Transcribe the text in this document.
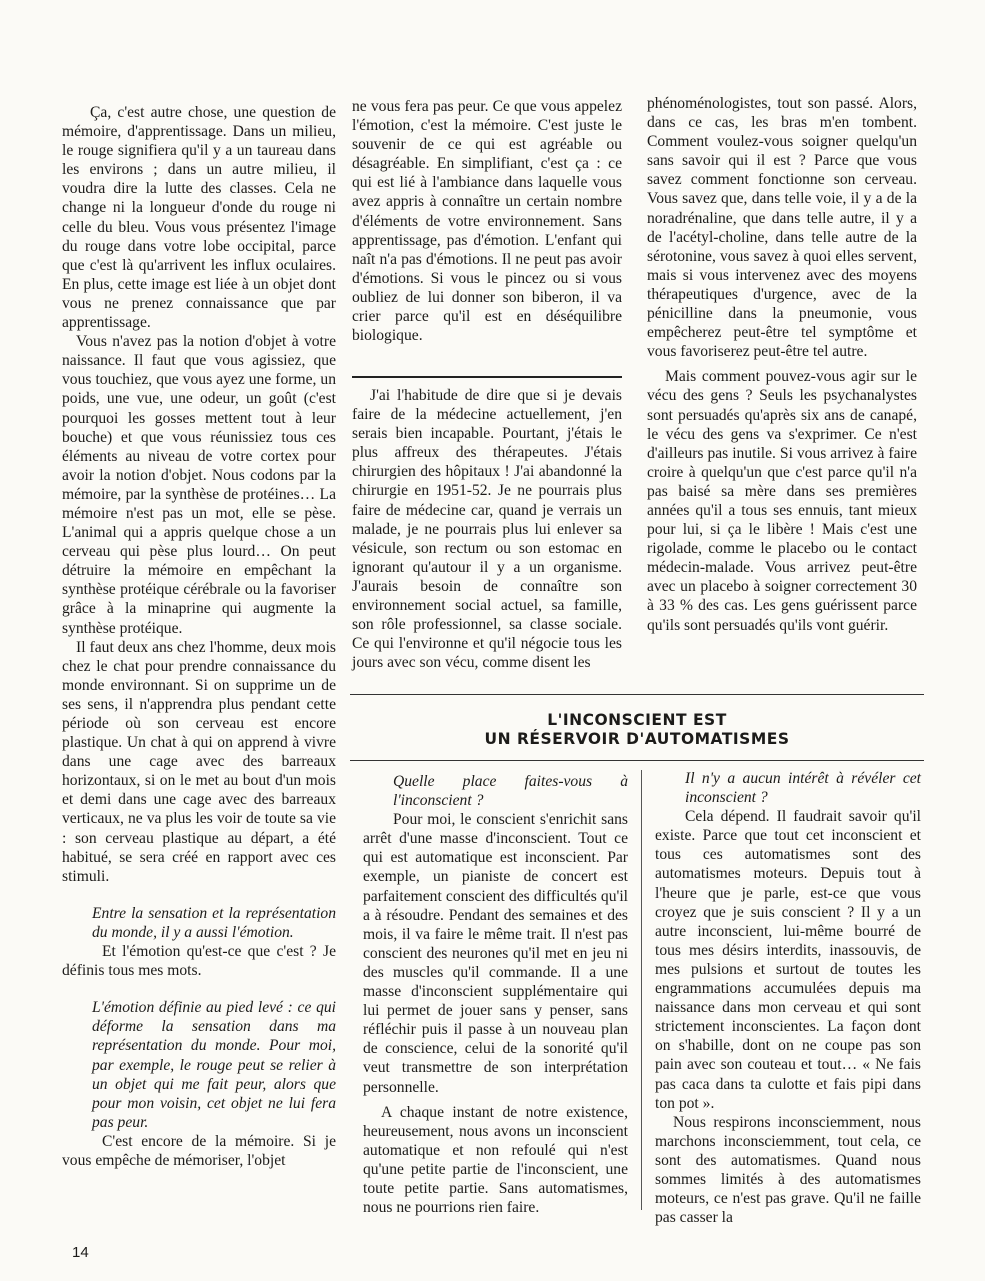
Ça, c'est autre chose, une question de mémoire, d'apprentissage. Dans un milieu, le rouge signifiera qu'il y a un taureau dans les environs ; dans un autre milieu, il voudra dire la lutte des classes. Cela ne change ni la longueur d'onde du rouge ni celle du bleu. Vous vous présentez l'image du rouge dans votre lobe occipital, parce que c'est là qu'arrivent les influx oculaires. En plus, cette image est liée à un objet dont vous ne prenez connaissance que par apprentissage.

Vous n'avez pas la notion d'objet à votre naissance. Il faut que vous agissiez, que vous touchiez, que vous ayez une forme, un poids, une vue, une odeur, un goût (c'est pourquoi les gosses mettent tout à leur bouche) et que vous réunissiez tous ces éléments au niveau de votre cortex pour avoir la notion d'objet. Nous codons par la mémoire, par la synthèse de protéines… La mémoire n'est pas un mot, elle se pèse. L'animal qui a appris quelque chose a un cerveau qui pèse plus lourd… On peut détruire la mémoire en empêchant la synthèse protéique cérébrale ou la favoriser grâce à la minaprine qui augmente la synthèse protéique.

Il faut deux ans chez l'homme, deux mois chez le chat pour prendre connaissance du monde environnant. Si on supprime un de ses sens, il n'apprendra plus pendant cette période où son cerveau est encore plastique. Un chat à qui on apprend à vivre dans une cage avec des barreaux horizontaux, si on le met au bout d'un mois et demi dans une cage avec des barreaux verticaux, ne va plus les voir de toute sa vie : son cerveau plastique au départ, a été habitué, se sera créé en rapport avec ces stimuli.

Entre la sensation et la représentation du monde, il y a aussi l'émotion.

Et l'émotion qu'est-ce que c'est ? Je définis tous mes mots.

L'émotion définie au pied levé : ce qui déforme la sensation dans ma représentation du monde. Pour moi, par exemple, le rouge peut se relier à un objet qui me fait peur, alors que pour mon voisin, cet objet ne lui fera pas peur.

C'est encore de la mémoire. Si je vous empêche de mémoriser, l'objet

ne vous fera pas peur. Ce que vous appelez l'émotion, c'est la mémoire. C'est juste le souvenir de ce qui est agréable ou désagréable. En simplifiant, c'est ça : ce qui est lié à l'ambiance dans laquelle vous avez appris à connaître un certain nombre d'éléments de votre environnement. Sans apprentissage, pas d'émotion. L'enfant qui naît n'a pas d'émotions. Il ne peut pas avoir d'émotions. Si vous le pincez ou si vous oubliez de lui donner son biberon, il va crier parce qu'il est en déséquilibre biologique.

J'ai l'habitude de dire que si je devais faire de la médecine actuellement, j'en serais bien incapable. Pourtant, j'étais le plus affreux des thérapeutes. J'étais chirurgien des hôpitaux ! J'ai abandonné la chirurgie en 1951-52. Je ne pourrais plus faire de médecine car, quand je verrais un malade, je ne pourrais plus lui enlever sa vésicule, son rectum ou son estomac en ignorant qu'autour il y a un organisme. J'aurais besoin de connaître son environnement social actuel, sa famille, son rôle professionnel, sa classe sociale. Ce qui l'environne et qu'il négocie tous les jours avec son vécu, comme disent les

phénoménologistes, tout son passé. Alors, dans ce cas, les bras m'en tombent. Comment voulez-vous soigner quelqu'un sans savoir qui il est ? Parce que vous savez comment fonctionne son cerveau. Vous savez que, dans telle voie, il y a de la noradrénaline, que dans telle autre, il y a de l'acétyl-choline, dans telle autre de la sérotonine, vous savez à quoi elles servent, mais si vous intervenez avec des moyens thérapeutiques d'urgence, avec de la pénicilline dans la pneumonie, vous empêcherez peut-être tel symptôme et vous favoriserez peut-être tel autre.

Mais comment pouvez-vous agir sur le vécu des gens ? Seuls les psychanalystes sont persuadés qu'après six ans de canapé, le vécu des gens va s'exprimer. Ce n'est d'ailleurs pas inutile. Si vous arrivez à faire croire à quelqu'un que c'est parce qu'il n'a pas baisé sa mère dans ses premières années qu'il a tous ses ennuis, tant mieux pour lui, si ça le libère ! Mais c'est une rigolade, comme le placebo ou le contact médecin-malade. Vous arrivez peut-être avec un placebo à soigner correctement 30 à 33 % des cas. Les gens guérissent parce qu'ils sont persuadés qu'ils vont guérir.

L'INCONSCIENT EST
UN RÉSERVOIR D'AUTOMATISMES

Quelle place faites-vous à l'inconscient ?

Pour moi, le conscient s'enrichit sans arrêt d'une masse d'inconscient. Tout ce qui est automatique est inconscient. Par exemple, un pianiste de concert est parfaitement conscient des difficultés qu'il a à résoudre. Pendant des semaines et des mois, il va faire le même trait. Il n'est pas conscient des neurones qu'il met en jeu ni des muscles qu'il commande. Il a une masse d'inconscient supplémentaire qui lui permet de jouer sans y penser, sans réfléchir puis il passe à un nouveau plan de conscience, celui de la sonorité qu'il veut transmettre de son interprétation personnelle.

A chaque instant de notre existence, heureusement, nous avons un inconscient automatique et non refoulé qui n'est qu'une petite partie de l'inconscient, une toute petite partie. Sans automatismes, nous ne pourrions rien faire.

Il n'y a aucun intérêt à révéler cet inconscient ?

Cela dépend. Il faudrait savoir qu'il existe. Parce que tout cet inconscient et tous ces automatismes sont des automatismes moteurs. Depuis tout à l'heure que je parle, est-ce que vous croyez que je suis conscient ? Il y a un autre inconscient, lui-même bourré de tous mes désirs interdits, inassouvis, de mes pulsions et surtout de toutes les engrammations accumulées depuis ma naissance dans mon cerveau et qui sont strictement inconscientes. La façon dont on s'habille, dont on ne coupe pas son pain avec son couteau et tout… « Ne fais pas caca dans ta culotte et fais pipi dans ton pot ».

Nous respirons inconsciemment, nous marchons inconsciemment, tout cela, ce sont des automatismes. Quand nous sommes limités à des automatismes moteurs, ce n'est pas grave. Qu'il ne faille pas casser la

14
